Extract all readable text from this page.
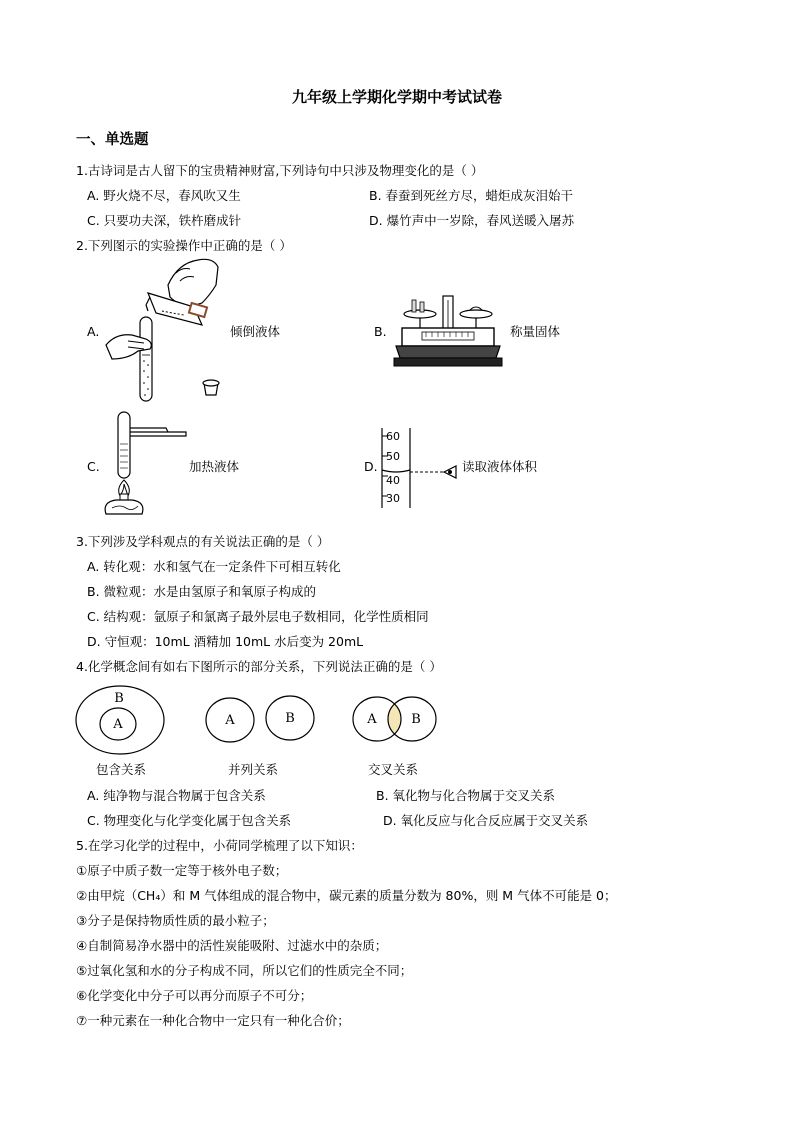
九年级上学期化学期中考试试卷
一、单选题
1.古诗词是古人留下的宝贵精神财富,下列诗句中只涉及物理变化的是（ ）
A. 野火烧不尽，春风吹又生	B. 春蚕到死丝方尽，蜡炬成灰泪始干
C. 只要功夫深，铁杵磨成针	D. 爆竹声中一岁除，春风送暖入屠苏
2.下列图示的实验操作中正确的是（ ）
A.	倾倒液体	B.	称量固体
C.	加热液体	D.
60
50
40
30
读取液体体积
3.下列涉及学科观点的有关说法正确的是（ ）
A. 转化观：水和氢气在一定条件下可相互转化
B. 微粒观：水是由氢原子和氧原子构成的
C. 结构观：氩原子和氯离子最外层电子数相同，化学性质相同
D. 守恒观：10mL 酒精加 10mL 水后变为 20mL
4.化学概念间有如右下图所示的部分关系，下列说法正确的是（ ）
B
A	A	B	A	B
包含关系	并列关系	交叉关系
A. 纯净物与混合物属于包含关系	B. 氧化物与化合物属于交叉关系
C. 物理变化与化学变化属于包含关系	D. 氧化反应与化合反应属于交叉关系
5.在学习化学的过程中，小荷同学梳理了以下知识：
①原子中质子数一定等于核外电子数；
②由甲烷（CH₄）和 M 气体组成的混合物中，碳元素的质量分数为 80%，则 M 气体不可能是 0；
③分子是保持物质性质的最小粒子；
④自制简易净水器中的活性炭能吸附、过滤水中的杂质；
⑤过氧化氢和水的分子构成不同，所以它们的性质完全不同；
⑥化学变化中分子可以再分而原子不可分；
⑦一种元素在一种化合物中一定只有一种化合价；
